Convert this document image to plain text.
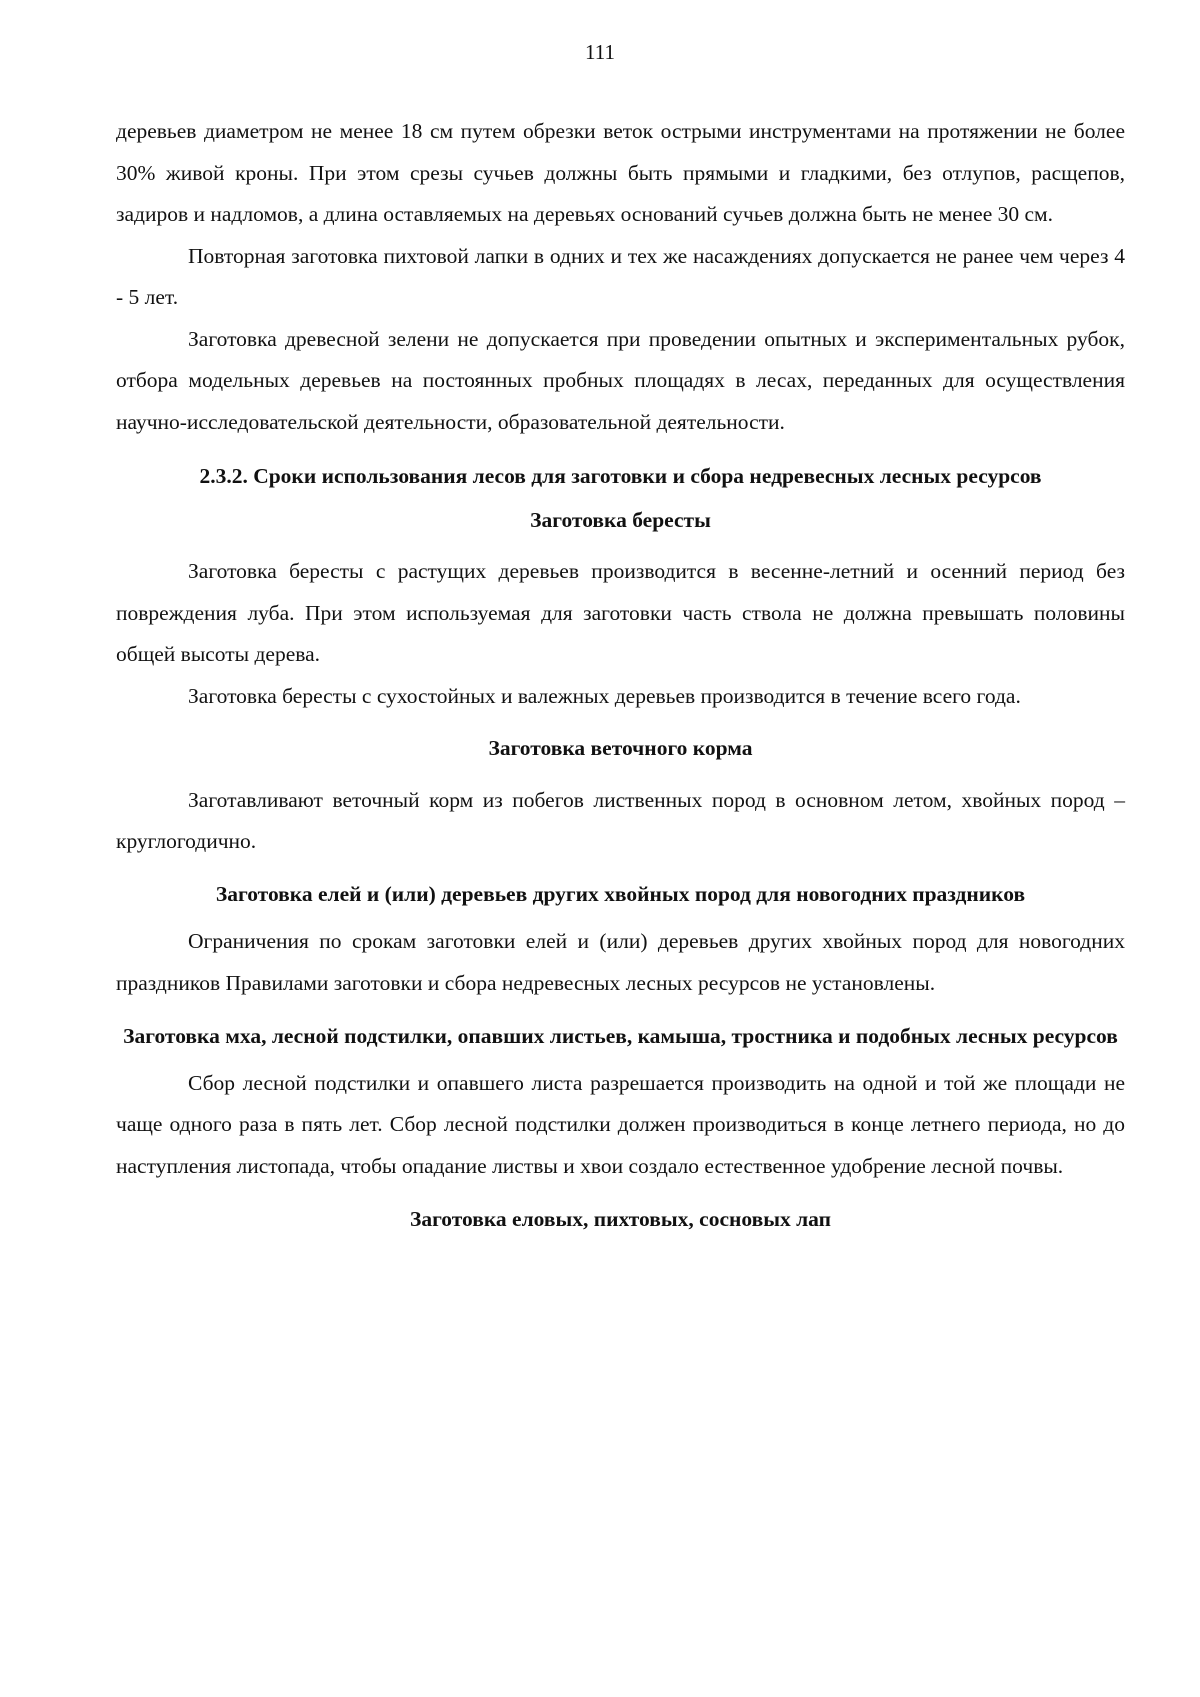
111

деревьев диаметром не менее 18 см путем обрезки веток острыми инструментами на протяжении не более 30% живой кроны. При этом срезы сучьев должны быть прямыми и гладкими, без отлупов, расщепов, задиров и надломов, а длина оставляемых на деревьях оснований сучьев должна быть не менее 30 см.

Повторная заготовка пихтовой лапки в одних и тех же насаждениях допускается не ранее чем через 4 - 5 лет.

Заготовка древесной зелени не допускается при проведении опытных и экспериментальных рубок, отбора модельных деревьев на постоянных пробных площадях в лесах, переданных для осуществления научно-исследовательской деятельности, образовательной деятельности.

2.3.2. Сроки использования лесов для заготовки и сбора недревесных лесных ресурсов

Заготовка бересты

Заготовка бересты с растущих деревьев производится в весенне-летний и осенний период без повреждения луба. При этом используемая для заготовки часть ствола не должна превышать половины общей высоты дерева.

Заготовка бересты с сухостойных и валежных деревьев производится в течение всего года.

Заготовка веточного корма

Заготавливают веточный корм из побегов лиственных пород в основном летом, хвойных пород – круглогодично.

Заготовка елей и (или) деревьев других хвойных пород для новогодних праздников

Ограничения по срокам заготовки елей и (или) деревьев других хвойных пород для новогодних праздников Правилами заготовки и сбора недревесных лесных ресурсов не установлены.

Заготовка мха, лесной подстилки, опавших листьев, камыша, тростника и подобных лесных ресурсов

Сбор лесной подстилки и опавшего листа разрешается производить на одной и той же площади не чаще одного раза в пять лет. Сбор лесной подстилки должен производиться в конце летнего периода, но до наступления листопада, чтобы опадание листвы и хвои создало естественное удобрение лесной почвы.

Заготовка еловых, пихтовых, сосновых лап
